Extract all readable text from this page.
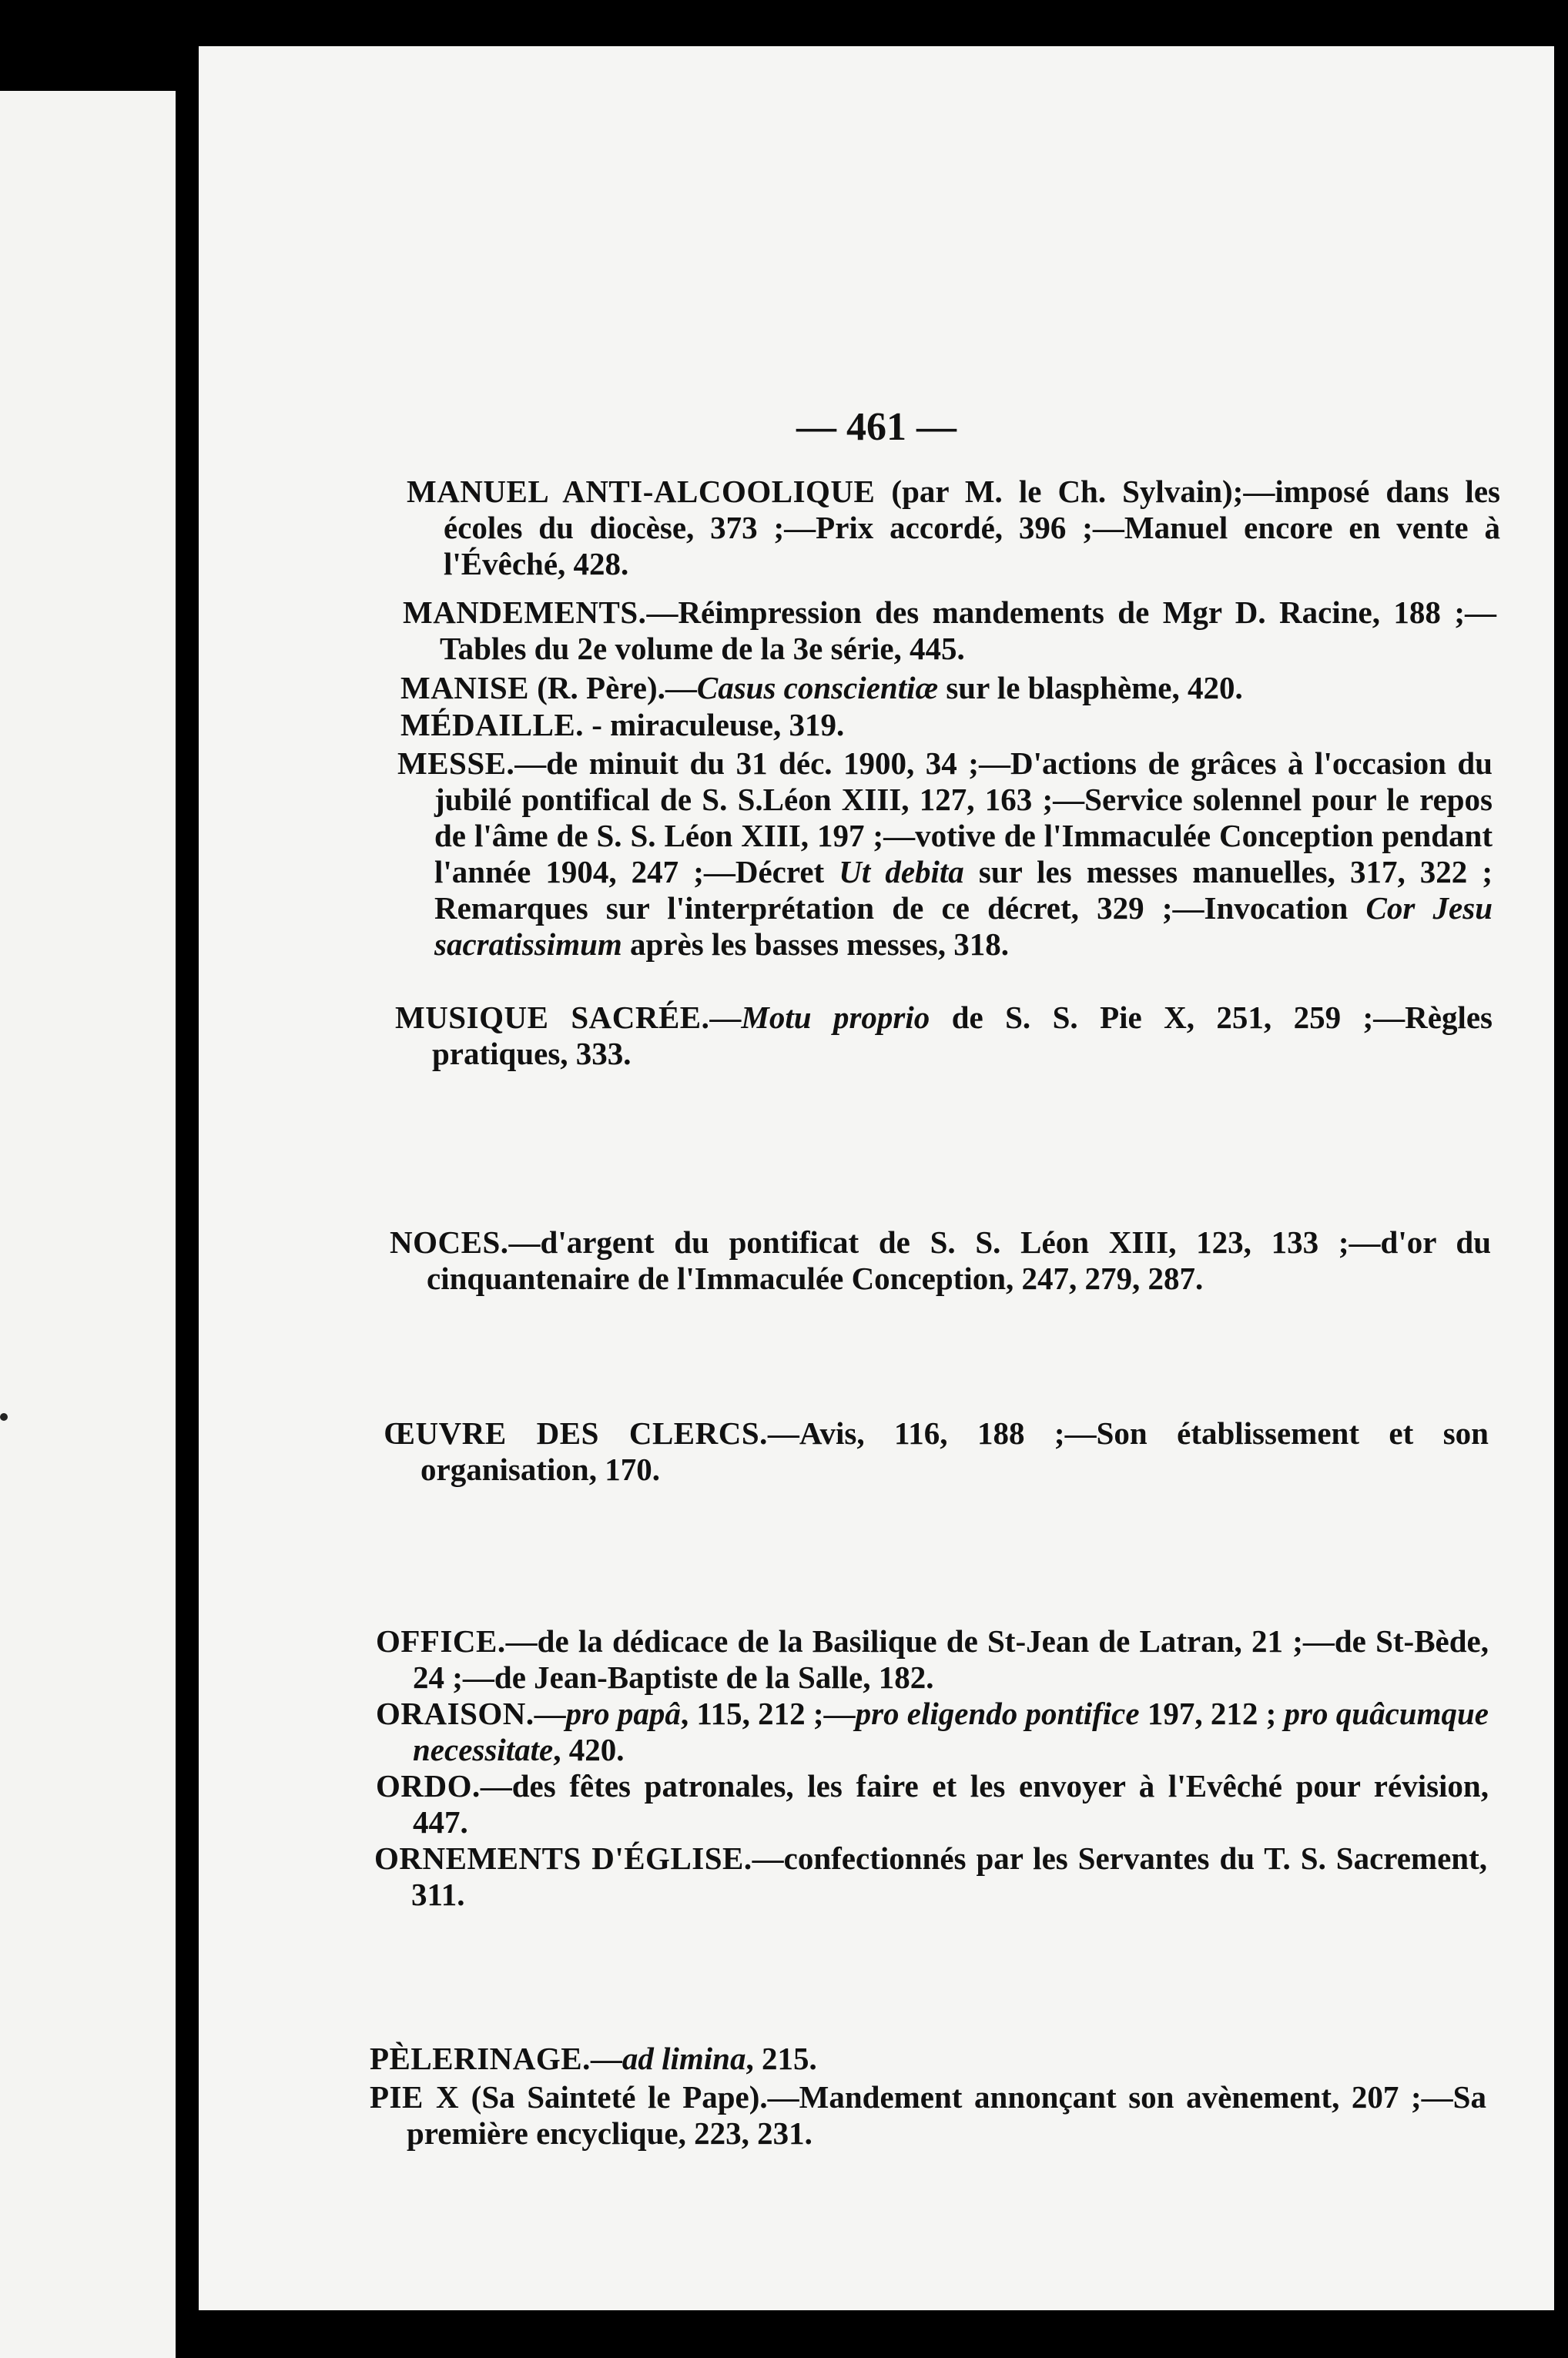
— 461 —
MANUEL ANTI-ALCOOLIQUE (par M. le Ch. Sylvain);—imposé dans les écoles du diocèse, 373 ;—Prix accordé, 396 ;—Manuel encore en vente à l'Évêché, 428.
MANDEMENTS.—Réimpression des mandements de Mgr D. Racine, 188 ;—Tables du 2e volume de la 3e série, 445.
MANISE (R. Père).—Casus conscientiæ sur le blasphème, 420.
MÉDAILLE. - miraculeuse, 319.
MESSE.—de minuit du 31 déc. 1900, 34 ;—D'actions de grâces à l'occasion du jubilé pontifical de S. S.Léon XIII, 127, 163 ;—Service solennel pour le repos de l'âme de S. S. Léon XIII, 197 ;—votive de l'Immaculée Conception pendant l'année 1904, 247 ;—Décret Ut debita sur les messes manuelles, 317, 322 ; Remarques sur l'interprétation de ce décret, 329 ;—Invocation Cor Jesu sacratissimum après les basses messes, 318.
MUSIQUE SACRÉE.—Motu proprio de S. S. Pie X, 251, 259 ;—Règles pratiques, 333.
NOCES.—d'argent du pontificat de S. S. Léon XIII, 123, 133 ;—d'or du cinquantenaire de l'Immaculée Conception, 247, 279, 287.
ŒUVRE DES CLERCS.—Avis, 116, 188 ;—Son établissement et son organisation, 170.
OFFICE.—de la dédicace de la Basilique de St-Jean de Latran, 21 ;—de St-Bède, 24 ;—de Jean-Baptiste de la Salle, 182.
ORAISON.—pro papâ, 115, 212 ;—pro eligendo pontifice 197, 212 ; pro quâcumque necessitate, 420.
ORDO.—des fêtes patronales, les faire et les envoyer à l'Evêché pour révision, 447.
ORNEMENTS D'ÉGLISE.—confectionnés par les Servantes du T. S. Sacrement, 311.
PÈLERINAGE.—ad limina, 215.
PIE X (Sa Sainteté le Pape).—Mandement annonçant son avènement, 207 ;—Sa première encyclique, 223, 231.
